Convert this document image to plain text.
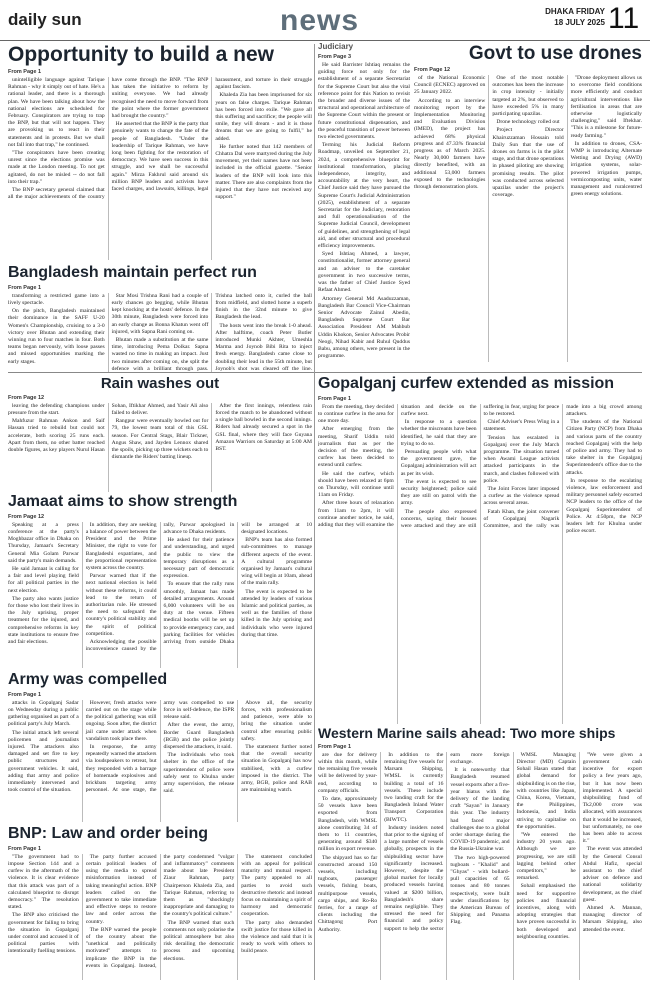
daily sun	news	DHAKA FRIDAY
18 JULY 2025 11
Opportunity to build a new
From Page 1

unintelligible language against Tarique Rahman - why it simply out of hate. He's a rational leader, and there is a thorough plan. We have been talking about how the national elections are scheduled for February. Conspirators are trying to trap the BNP, but that will not happen. They are provoking us to react in their statements and in protests. But we shall not fall into that trap," he continued.

"The conspirators have been creating unrest since the elections promise was made at the London meeting. To not get agitated, do not be misled -- do not fall into their trap."

The BNP secretary general claimed that all the major achievements of the country have come through the BNP. "The BNP has taken the initiative to reform by uniting everyone. We had already recognised the need to move forward from the point where the former government had brought the country."

He asserted that the BNP is the party that genuinely wants to change the fate of the people of Bangladesh. "Under the leadership of Tarique Rahman, we have long been fighting for the restoration of democracy. We have seen success in this struggle, and we shall be successful again." Mirza Fakhrul said around six million BNP leaders and activists have faced charges, and lawsuits, killings, legal harassment, and torture in their struggle against fascism.

Khaleda Zia has been imprisoned for six years on false charges. Tarique Rahman has been forced into exile. "We gave all this suffering and sacrifice; the people will smile, they will dream - and it is those dreams that we are going to fulfil," he added.

He further noted that 142 members of Chhatra Dal were martyred during the July movement, yet their names have not been included in the official gazette. "Senior leaders of the BNP will look into this matter. There are also complaints from the injured that they have not received any support."

Judiciary
From Page 3

He said Barrister Ishtiaq remains the guiding force not only for the establishment of a separate Secretariat for the Supreme Court but also the vital reference point for this Nation to revisit the broader and diverse issues of the structural and operational architecture of the Supreme Court within the present or future constitutional dispensation, and the peaceful transition of power between two elected governments.

Terming his Judicial Reform Roadmap, unveiled on September 21, 2024, a comprehensive blueprint for institutional transformation, placing independence, integrity, and accountability at the very heart, the Chief Justice said they have pursued the Supreme Court's Judicial Administration (2025), establishment of a separate Secretariat for the Judiciary, restoration and full operationalisation of the Supreme Judicial Council, development of guidelines, and strengthening of legal aid, and other structural and procedural efficiency improvements.

Syed Ishtiaq Ahmed, a lawyer, constitutionalist, former attorney general and an adviser to the caretaker government in two successive terms, was the father of Chief Justice Syed Refaat Ahmed.

Attorney General Md Asaduzzaman, Bangladesh Bar Council Vice-Chairman Senior Advocate Zainul Abedin, Bangladesh Supreme Court Bar Association President AM Mahbub Uddin Khokon, Senior Advocates Probir Neogi, Nihad Kabir and Ruhul Quddus Babu, among others, were present in the programme.

Govt to use drones
From Page 12

of the National Economic Council (ECNEC) approved on 25 January 2022.

According to an interview monitoring report by the Implementation Monitoring and Evaluation Division (IMED), the project has achieved 68% physical progress and 47.33% financial progress as of March 2025. Nearly 30,000 farmers have directly benefited, with an additional 53,000 farmers exposed to the technologies through demonstration plots.

One of the most notable outcomes has been the increase in crop intensity - initially targeted at 2%, but observed to have exceeded 5% in many participating upazilas.

Drone technology rolled out

Project Director Khairuzzaman Hossain told Daily Sun that the use of drones on farms is in the pilot stage, and that drone operations in phased piloting are showing promising results. The pilot was conducted across selected upazilas under the project's coverage.

"Drone deployment allows us to overcome field conditions more efficiently and conduct agricultural interventions like fertilisation in areas that are otherwise logistically challenging," said Iftekhar. "This is a milestone for future-ready farming."

In addition to drones, CSA-WMP is introducing Alternate Wetting and Drying (AWD) irrigation systems, solar-powered irrigation pumps, vermicomposting units, water management and ruralcentred green energy solutions.

Bangladesh maintain perfect run
From Page 1

transforming a restricted game into a lively spectacle.

On the pitch, Bangladesh maintained their dominance in the SAFF U-20 Women's Championship, cruising to a 3-0 victory over Bhutan and extending their winning run to four matches in four. Both teams began nervously, with loose passes and missed opportunities marking the early stages.

Star Mosi Trishna Rani had a couple of early chances go begging, while Bhutan kept knocking at the hosts' defence. In the 30th minute, Bangladesh were forced into an early change as Bonna Khatun went off injured, with Sapna Rani coming on.

Bhutan made a substitution at the same time, introducing Pema Dolkar. Sapna wasted no time in making an impact. Just two minutes after coming on, she split the defence with a brilliant through pass. Trishna latched onto it, curled the ball from midfield, and slotted home a superb finish in the 32nd minute to give Bangladesh the lead.

The hosts went into the break 1-0 ahead. After halftime, coach Peter Butler introduced Munki Akhter, Umeshla Marma and Joynob Bibi Rita to inject fresh energy. Bangladesh came close to doubling their lead in the 55th minute, but Joynob's shot was cleared off the line.

Rain washes out
From Page 12

leaving the defending champions under pressure from the start.

Mahfuzur Rahman Ankon and Saif Hassan tried to rebuild but could not accelerate, both scoring 25 runs each. Apart from them, no other batter reached double figures, as key players Nurul Hasan Sohan, Iftikhar Ahmed, and Yasir Ali also failed to deliver.

Rangpur were eventually bowled out for 79, the lowest team total of this GSL season. For Central Stags, Blair Tickner, Angus Shaw, and Jayden Lennox shared the spoils, picking up three wickets each to dismantle the Riders' batting lineup.

After the first innings, relentless rain forced the match to be abandoned without a single ball bowled in the second innings. Riders had already secured a spot in the GSL final, where they will face Guyana Amazon Warriors on Saturday at 5:00 AM BST.

Jamaat aims to show strength
From Page 12

Speaking at a press conference at the party's Moghbazar office in Dhaka on Thursday, Jamaat's Secretary General Mia Golam Parwar said the party's main demands.

He said Jamaat is calling for a fair and level playing field for all political parties in the next election.

The party also wants justice for those who lost their lives in the July uprising, proper treatment for the injured, and comprehensive reforms in key state institutions to ensure free and fair elections.

In addition, they are seeking a balance of power between the President and the Prime Minister, the right to vote for Bangladeshi expatriates, and the proportional representation system across the country.

Parwar warned that if the next national election is held without these reforms, it could lead to the return of authoritarian rule. He stressed the need to safeguard the country's political stability and the spirit of political competition.

Acknowledging the possible inconvenience caused by the rally, Parwar apologised in advance to Dhaka residents.

He asked for their patience and understanding, and urged the public to view the temporary disruptions as a necessary part of democratic expression.

To ensure that the rally runs smoothly, Jamaat has made detailed arrangements. Around 6,000 volunteers will be on duty at the venue. Fifteen medical booths will be set up to provide emergency care, and parking facilities for vehicles arriving from outside Dhaka will be arranged at 10 designated locations.

BNP's team has also formed sub-committees to manage different aspects of the event. A cultural programme organised by Jamaat's cultural wing will begin at 10am, ahead of the main rally.

The event is expected to be attended by leaders of various Islamic and political parties, as well as the families of those killed in the July uprising and individuals who were injured during that time.

Gopalganj curfew extended as mission
From Page 1

From the meeting, they decided to continue curfew in the area for one more day.

After emerging from the meeting, Sharif Uddin told journalists that as per the decision of the meeting, the curfew has been decided to extend until curfew.

He said the curfew, which should have been relaxed at 6pm on Thursday, will continue until 11am on Friday.

After three hours of relaxation from 11am to 2pm, it will continue another notice, he said, adding that they will examine the situation and decide on the curfew next.

In response to a question whether the miscreants have been identified, he said that they are trying to do so.

Persuading people with what the government gave, the Gopalganj administration will act as per its wish.

The event is expected to see security heightened; police said they are still on patrol with the army.

The people also expressed concerns, saying their houses were attacked and they are still suffering in fear, urging for peace to be restored.

Chief Adviser's Press Wing in a statement.

Tension has escalated in Gopalganj over the July March programme. The situation turned when Awami League activists attacked participants in the march, and clashes followed with police.

The Joint Forces later imposed a curfew as the violence spread across several areas.

Fatah Khan, the joint convener of Gopalganj Nagarik Committee, and the rally was made into a big crowd among attackers.

The students of the National Citizen Party (NCP) from Dhaka and various parts of the country reached Gopalganj with the help of police and army. They had to take shelter in the Gopalganj Superintendent's office due to the attacks.

In response to the escalating violence, law enforcement and military personnel safely escorted NCP leaders to the office of the Gopalganj Superintendent of Police. At 4:50pm, the NCP leaders left for Khulna under police escort.

Army was compelled
From Page 1

attacks in Gopalganj Sadar on Wednesday during a public gathering organised as part of a political party's July March.

The initial attack left several policemen and journalists injured. The attackers also damaged and set fire to key public structures and government vehicles. It said, adding that army and police immediately intervened and took control of the situation.

However, fresh attacks were carried out on the stage while the political gathering was still ongoing. Soon after, the district jail came under attack when vandalism took place there.

In response, the army repeatedly warned the attackers via loudspeakers to retreat, but they responded with a barrage of homemade explosives and brickbats targeting army personnel. At one stage, the army was compelled to use force in self-defence, the ISPR release said.

After the event, the army, Border Guard Bangladesh (BGB) and the police jointly dispersed the attackers, it said.

The individuals who took shelter in the office of the superintendent of police were safely sent to Khulna under army supervision, the release said.

Above all, the security forces, with professionalism and patience, were able to bring the situation under control after ensuring public safety.

The statement further noted that the overall security situation in Gopalganj has now stabilised, with a curfew imposed in the district. The army, BGB, police and RAB are maintaining watch.

BNP: Law and order being
From Page 1

"The government had to impose Section 144 and a curfew in the aftermath of the violence. It is clear evidence that this attack was part of a calculated blueprint to disrupt democracy." The resolution stated.

The BNP also criticised the government for failing to bring the situation in Gopalganj under control and accused it of political parties with intentionally fuelling tensions.

The party further accused certain political leaders of using the media to spread misinformation instead of taking meaningful action. BNP leaders called on the government to take immediate and effective steps to restore law and order across the country.

The BNP warned the people of the country about the "unethical and politically motivated" attempts to implicate the BNP in the events in Gopalganj. Instead, the party condemned "vulgar and inflammatory" comments made about late President Ziaur Rahman, party Chairperson Khaleda Zia, and Tarique Rahman, referring to them as "shockingly inappropriate and damaging to the country's political culture."

The BNP warned that such comments not only polarise the political atmosphere but also risk derailing the democratic process and upcoming elections.

The statement concluded with an appeal for political maturity and mutual respect. The party appealed to all parties to avoid such destructive rhetoric and instead focus on maintaining a spirit of harmony and democratic cooperation.

The party also demanded swift justice for those killed in the violence and said that it is ready to work with others to build peace.

Western Marine sails ahead: Two more ships
From Page 1

are due for delivery within this month, while the remaining five vessels will be delivered by year-end, according to company officials.

To date, approximately 50 vessels have been exported from Bangladesh, with WMSL alone contributing 34 of them to 11 countries, generating around $340 million in export revenue.

The shipyard has so far constructed around 150 vessels, including tugboats, passenger vessels, fishing boats, multipurpose vessels, cargo ships, and Ro-Ro ferries, for a range of clients including the Chittagong Port Authority.

In addition to the remaining five vessels for Marsam Shipping, WMSL is currently building a total of 16 vessels. These include two landing craft for the Bangladesh Inland Water Transport Corporation (BIWTC).

Industry insiders noted that prior to the signing of a large number of vessels globally, prospects in the shipbuilding sector have significantly increased. However, despite the global market for locally produced vessels having valued at $200 billion, Bangladesh's share remains negligible. They stressed the need for financial and policy support to help the sector earn more foreign exchange.

It is noteworthy that Bangladesh resumed vessel exports after a five-year hiatus with the delivery of the landing craft "Sayan" in January this year. The industry had faced major challenges due to a global order shortage during the COVID-19 pandemic, and the Russia-Ukraine war.

The two high-powered tugboats - "Khalid" and "Ghyas" - with bollard-pull capacities of 65 tonnes and 80 tonnes respectively, were built under classifications by the American Bureau of Shipping and Panama Flag.

WMSL Managing Director (MD) Captain Sohail Hasan stated that global demand for shipbuilding is on the rise, with countries like Japan, China, Korea, Vietnam, the Philippines, Indonesia, and India striving to capitalise on the opportunities.

"We entered the industry 20 years ago. Although we are progressing, we are still lagging behind other competitors," he remarked.

Sohail emphasised the need for supportive policies and financial incentives, along with adopting strategies that have proven successful in both developed and neighbouring countries.

"We were given a government cash incentive for export policy a few years ago, but it has now been implemented. A special shipbuilding fund of Tk2,000 crore was allocated, with assurances that it would be increased, but unfortunately, no one has been able to access it."

The event was attended by the General Consul Abdul Hafiz, special assistant to the chief adviser on defence and national solidarity development, as the chief guest.

Ahmed A. Mannan, managing director of Marsam Shipping, also attended the event.
